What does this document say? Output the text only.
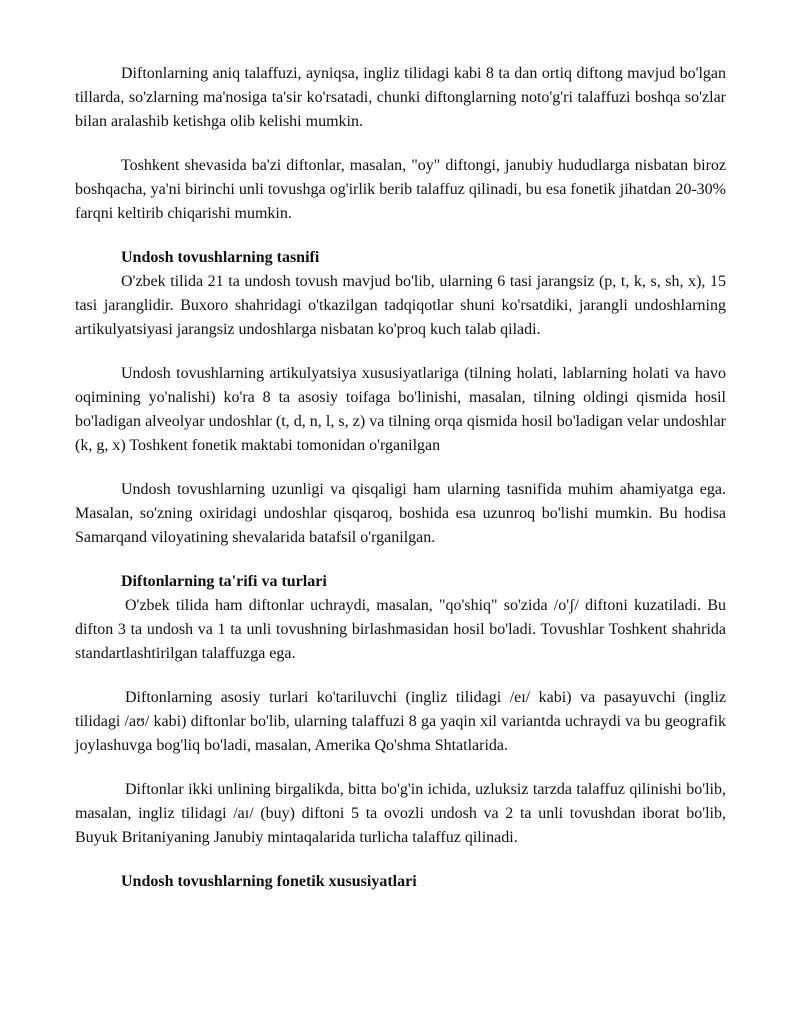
Diftonlarning aniq talaffuzi, ayniqsa, ingliz tilidagi kabi 8 ta dan ortiq diftong mavjud bo'lgan tillarda, so'zlarning ma'nosiga ta'sir ko'rsatadi, chunki diftonglarning noto'g'ri talaffuzi boshqa so'zlar bilan aralashib ketishga olib kelishi mumkin.

Toshkent shevasida ba'zi diftonlar, masalan, "oy" diftongi, janubiy hududlarga nisbatan biroz boshqacha, ya'ni birinchi unli tovushga og'irlik berib talaffuz qilinadi, bu esa fonetik jihatdan 20-30% farqni keltirib chiqarishi mumkin.

Undosh tovushlarning tasnifi

O'zbek tilida 21 ta undosh tovush mavjud bo'lib, ularning 6 tasi jarangsiz (p, t, k, s, sh, x), 15 tasi jaranglidir. Buxoro shahridagi o'tkazilgan tadqiqotlar shuni ko'rsatdiki, jarangli undoshlarning artikulyatsiyasi jarangsiz undoshlarga nisbatan ko'proq kuch talab qiladi.

Undosh tovushlarning artikulyatsiya xususiyatlariga (tilning holati, lablarning holati va havo oqimining yo'nalishi) ko'ra 8 ta asosiy toifaga bo'linishi, masalan, tilning oldingi qismida hosil bo'ladigan alveolyar undoshlar (t, d, n, l, s, z) va tilning orqa qismida hosil bo'ladigan velar undoshlar (k, g, x) Toshkent fonetik maktabi tomonidan o'rganilgan

Undosh tovushlarning uzunligi va qisqaligi ham ularning tasnifida muhim ahamiyatga ega. Masalan, so'zning oxiridagi undoshlar qisqaroq, boshida esa uzunroq bo'lishi mumkin. Bu hodisa Samarqand viloyatining shevalarida batafsil o'rganilgan.

Diftonlarning ta'rifi va turlari

O'zbek tilida ham diftonlar uchraydi, masalan, "qo'shiq" so'zida /o'ʃ/ diftoni kuzatiladi. Bu difton 3 ta undosh va 1 ta unli tovushning birlashmasidan hosil bo'ladi. Tovushlar Toshkent shahrida standartlashtirilgan talaffuzga ega.

Diftonlarning asosiy turlari ko'tariluvchi (ingliz tilidagi /eɪ/ kabi) va pasayuvchi (ingliz tilidagi /aʊ/ kabi) diftonlar bo'lib, ularning talaffuzi 8 ga yaqin xil variantda uchraydi va bu geografik joylashuvga bog'liq bo'ladi, masalan, Amerika Qo'shma Shtatlarida.

Diftonlar ikki unlining birgalikda, bitta bo'g'in ichida, uzluksiz tarzda talaffuz qilinishi bo'lib, masalan, ingliz tilidagi /aɪ/ (buy) diftoni 5 ta ovozli undosh va 2 ta unli tovushdan iborat bo'lib, Buyuk Britaniyaning Janubiy mintaqalarida turlicha talaffuz qilinadi.

Undosh tovushlarning fonetik xususiyatlari
